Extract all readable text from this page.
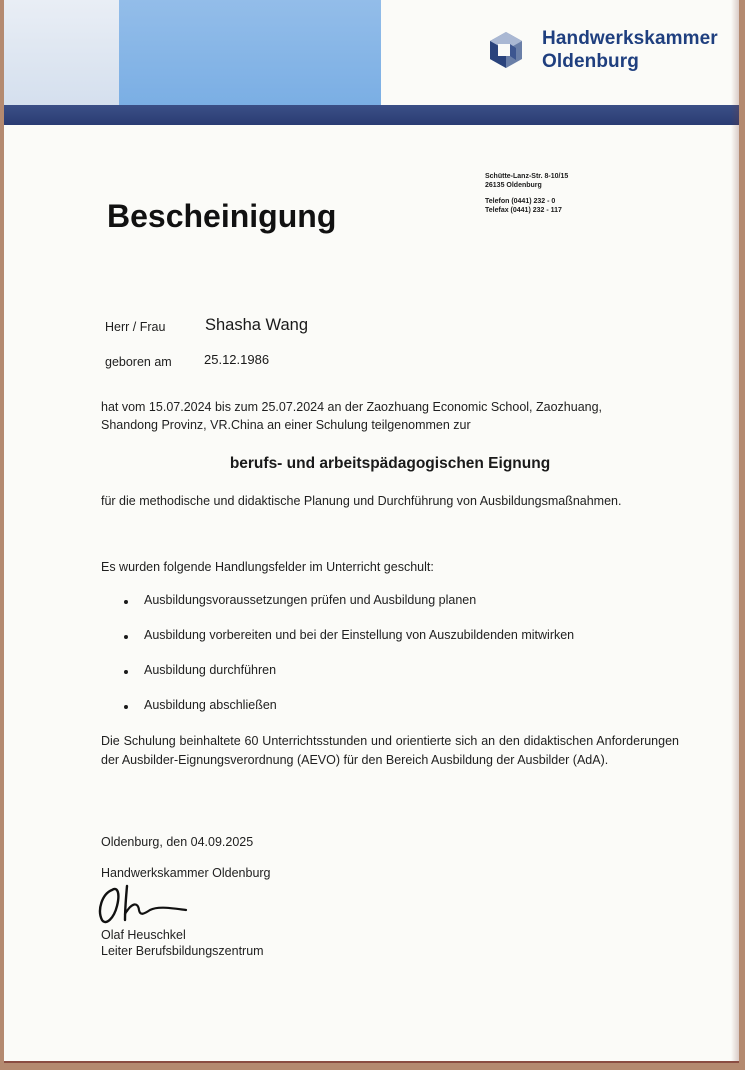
Handwerkskammer
Oldenburg
Schütte-Lanz-Str. 8-10/15
26135 Oldenburg
Telefon (0441) 232 - 0
Telefax (0441) 232 - 117
Bescheinigung
Herr / Frau Shasha Wang
geboren am 25.12.1986
hat vom 15.07.2024 bis zum 25.07.2024 an der Zaozhuang Economic School, Zaozhuang,
Shandong Provinz, VR.China an einer Schulung teilgenommen zur
berufs- und arbeitspädagogischen Eignung
für die methodische und didaktische Planung und Durchführung von Ausbildungsmaßnahmen.
Es wurden folgende Handlungsfelder im Unterricht geschult:
Ausbildungsvoraussetzungen prüfen und Ausbildung planen
Ausbildung vorbereiten und bei der Einstellung von Auszubildenden mitwirken
Ausbildung durchführen
Ausbildung abschließen
Die Schulung beinhaltete 60 Unterrichtsstunden und orientierte sich an den didaktischen Anforderungen der Ausbilder-Eignungsverordnung (AEVO) für den Bereich Ausbildung der Ausbilder (AdA).
Oldenburg, den 04.09.2025
Handwerkskammer Oldenburg
Olaf Heuschkel
Leiter Berufsbildungszentrum
